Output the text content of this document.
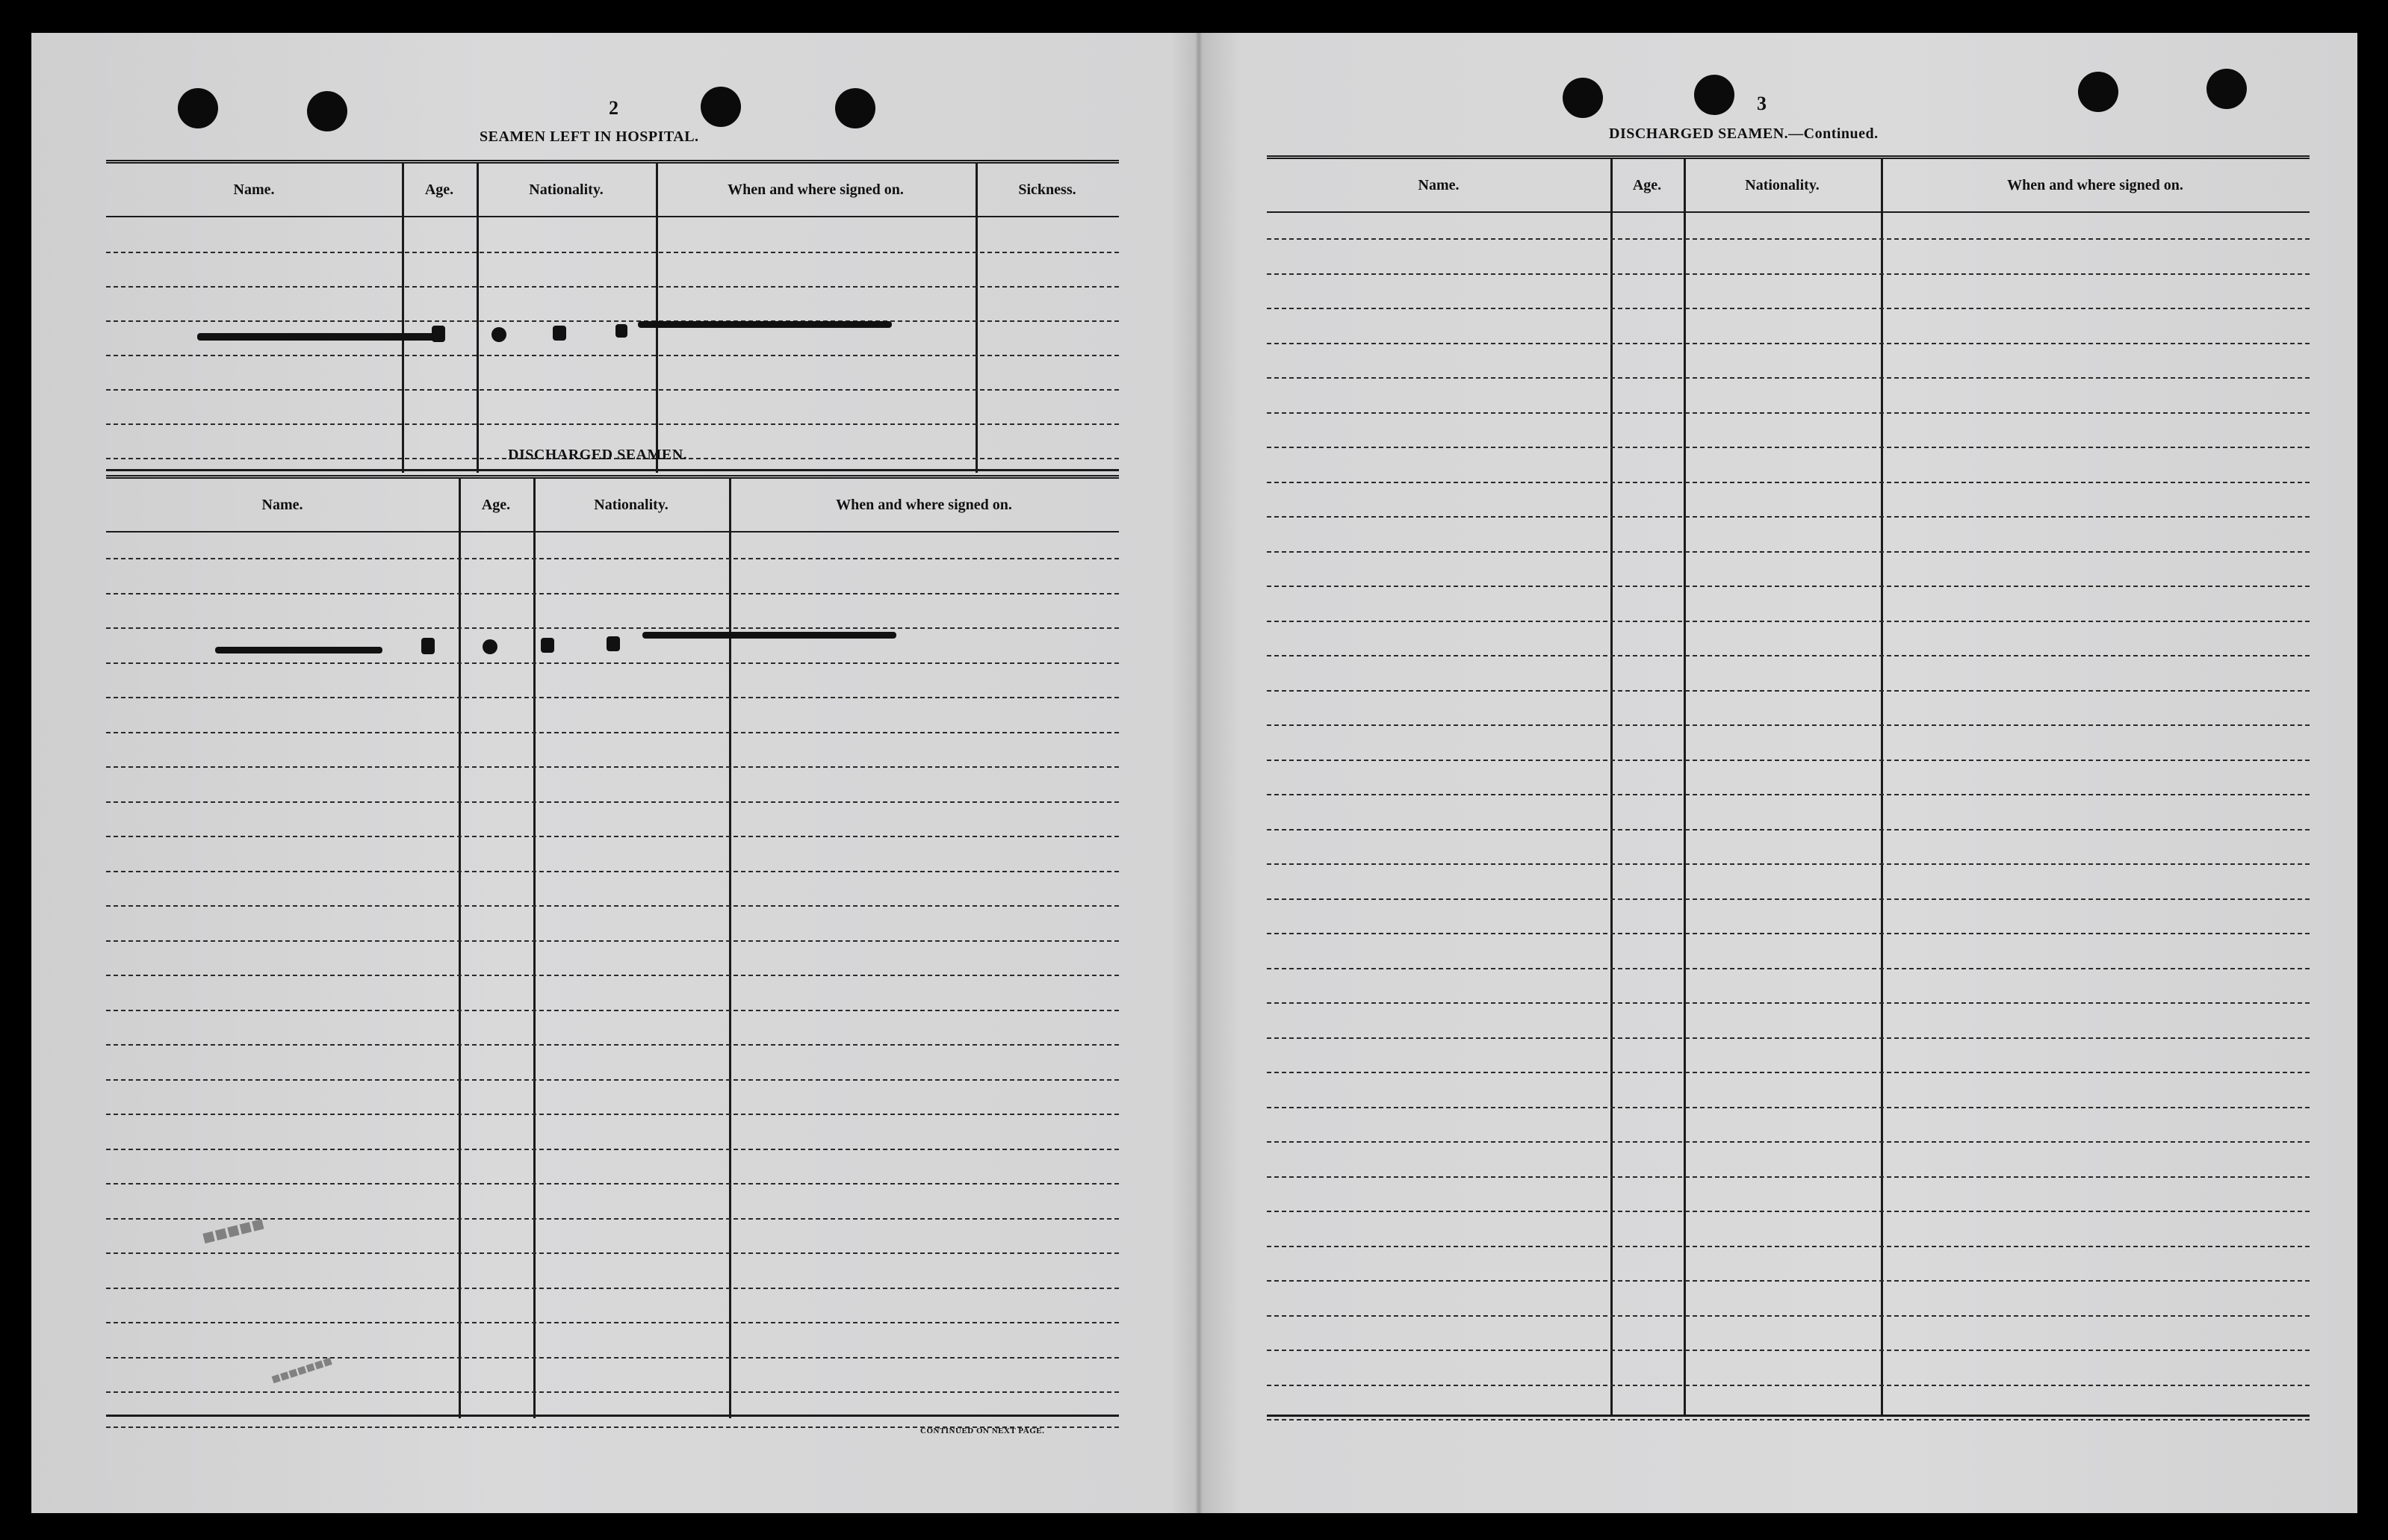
2
SEAMEN LEFT IN HOSPITAL.
Name.	Age.	Nationality.	When and where signed on.	Sickness.
DISCHARGED SEAMEN.
Name.	Age.	Nationality.	When and where signed on.
■■■■■
■■■■■■■
CONTINUED ON NEXT PAGE.
3
DISCHARGED SEAMEN.—Continued.
Name.	Age.	Nationality.	When and where signed on.
